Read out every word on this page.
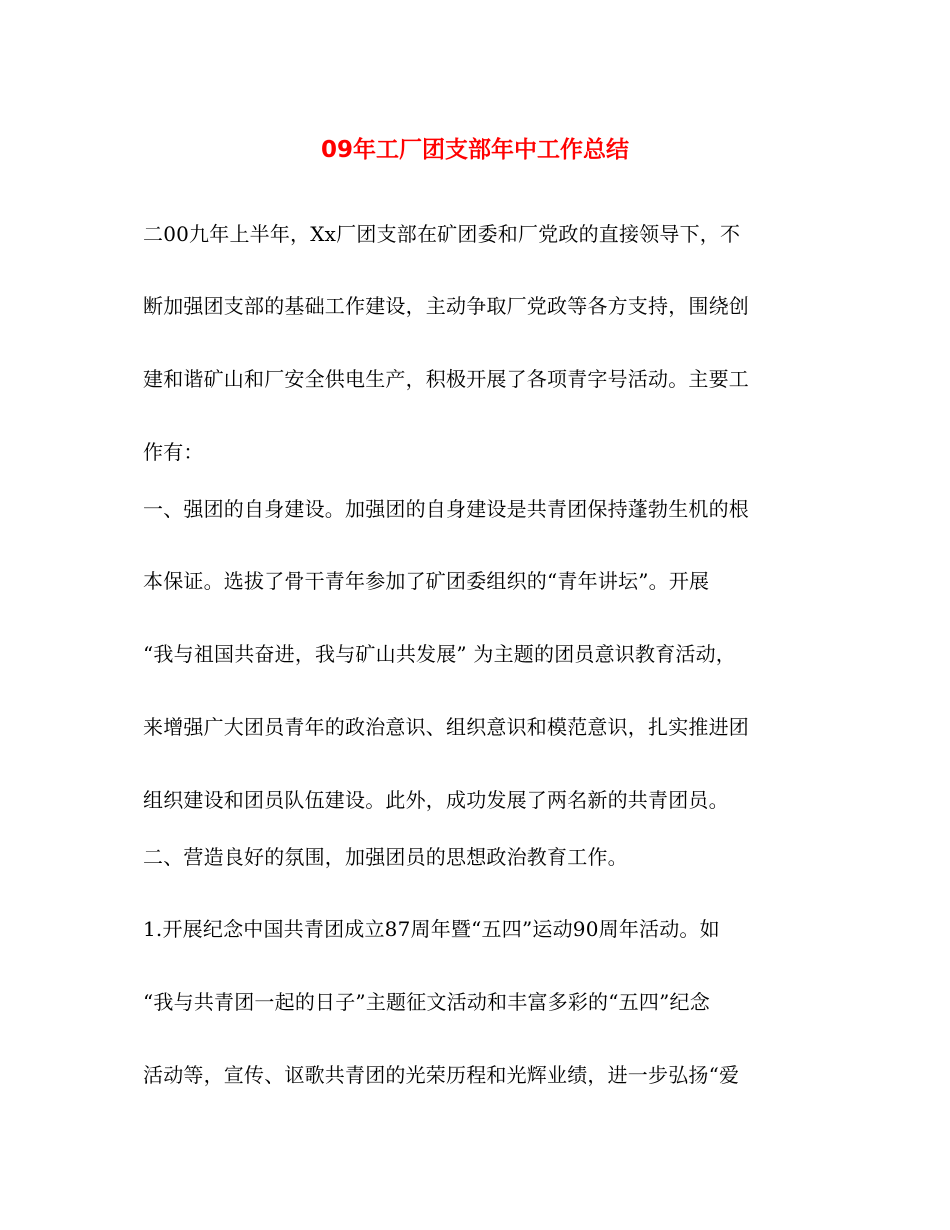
09年工厂团支部年中工作总结
二00九年上半年，Xx厂团支部在矿团委和厂党政的直接领导下，不
断加强团支部的基础工作建设，主动争取厂党政等各方支持，围绕创
建和谐矿山和厂安全供电生产，积极开展了各项青字号活动。主要工
作有：
一、强团的自身建设。加强团的自身建设是共青团保持蓬勃生机的根
本保证。选拔了骨干青年参加了矿团委组织的“青年讲坛”。开展
“我与祖国共奋进，我与矿山共发展” 为主题的团员意识教育活动，
来增强广大团员青年的政治意识、组织意识和模范意识，扎实推进团
组织建设和团员队伍建设。此外，成功发展了两名新的共青团员。
二、营造良好的氛围，加强团员的思想政治教育工作。
1.开展纪念中国共青团成立87周年暨“五四”运动90周年活动。如
“我与共青团一起的日子”主题征文活动和丰富多彩的“五四”纪念
活动等，宣传、讴歌共青团的光荣历程和光辉业绩，进一步弘扬“爱
